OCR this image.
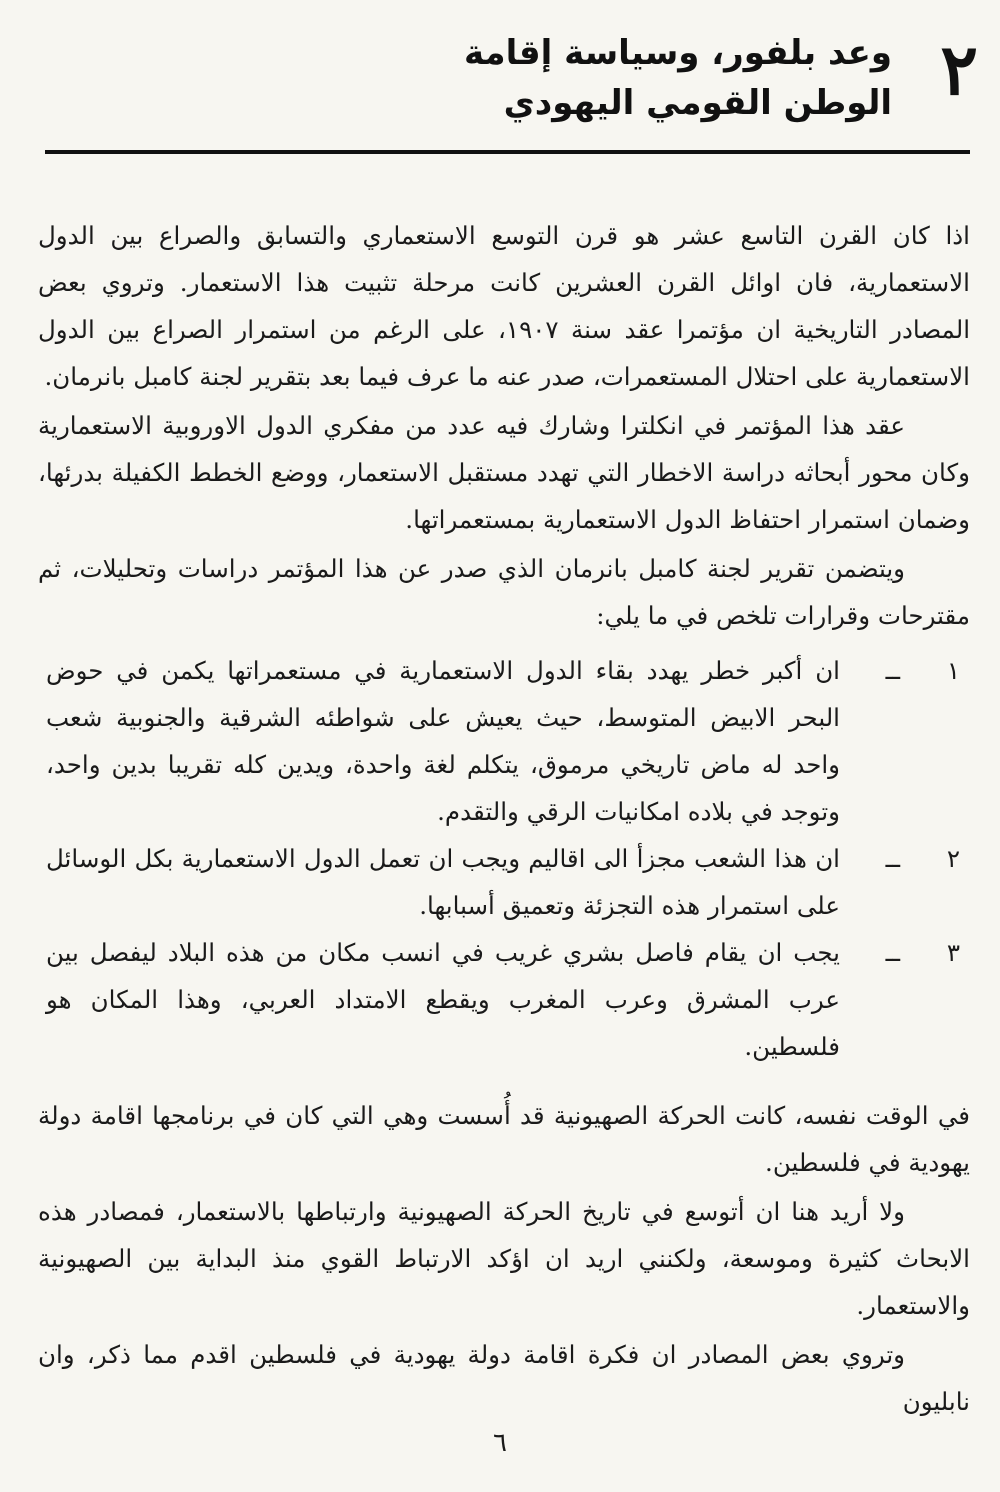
٢
وعد بلفور، وسياسة إقامة
الوطن القومي اليهودي

اذا كان القرن التاسع عشر هو قرن التوسع الاستعماري والتسابق والصراع بين الدول الاستعمارية، فان اوائل القرن العشرين كانت مرحلة تثبيت هذا الاستعمار. وتروي بعض المصادر التاريخية ان مؤتمرا عقد سنة ١٩٠٧، على الرغم من استمرار الصراع بين الدول الاستعمارية على احتلال المستعمرات، صدر عنه ما عرف فيما بعد بتقرير لجنة كامبل بانرمان.

عقد هذا المؤتمر في انكلترا وشارك فيه عدد من مفكري الدول الاوروبية الاستعمارية وكان محور أبحاثه دراسة الاخطار التي تهدد مستقبل الاستعمار، ووضع الخطط الكفيلة بدرئها، وضمان استمرار احتفاظ الدول الاستعمارية بمستعمراتها.

ويتضمن تقرير لجنة كامبل بانرمان الذي صدر عن هذا المؤتمر دراسات وتحليلات، ثم مقترحات وقرارات تلخص في ما يلي:

١
ــ
ان أكبر خطر يهدد بقاء الدول الاستعمارية في مستعمراتها يكمن في حوض البحر الابيض المتوسط، حيث يعيش على شواطئه الشرقية والجنوبية شعب واحد له ماض تاريخي مرموق، يتكلم لغة واحدة، ويدين كله تقريبا بدين واحد، وتوجد في بلاده امكانيات الرقي والتقدم.
٢
ــ
ان هذا الشعب مجزأ الى اقاليم ويجب ان تعمل الدول الاستعمارية بكل الوسائل على استمرار هذه التجزئة وتعميق أسبابها.
٣
ــ
يجب ان يقام فاصل بشري غريب في انسب مكان من هذه البلاد ليفصل بين عرب المشرق وعرب المغرب ويقطع الامتداد العربي، وهذا المكان هو فلسطين.

في الوقت نفسه، كانت الحركة الصهيونية قد أُسست وهي التي كان في برنامجها اقامة دولة يهودية في فلسطين.

ولا أريد هنا ان أتوسع في تاريخ الحركة الصهيونية وارتباطها بالاستعمار، فمصادر هذه الابحاث كثيرة وموسعة، ولكنني اريد ان اؤكد الارتباط القوي منذ البداية بين الصهيونية والاستعمار.

وتروي بعض المصادر ان فكرة اقامة دولة يهودية في فلسطين اقدم مما ذكر، وان نابليون

٦
